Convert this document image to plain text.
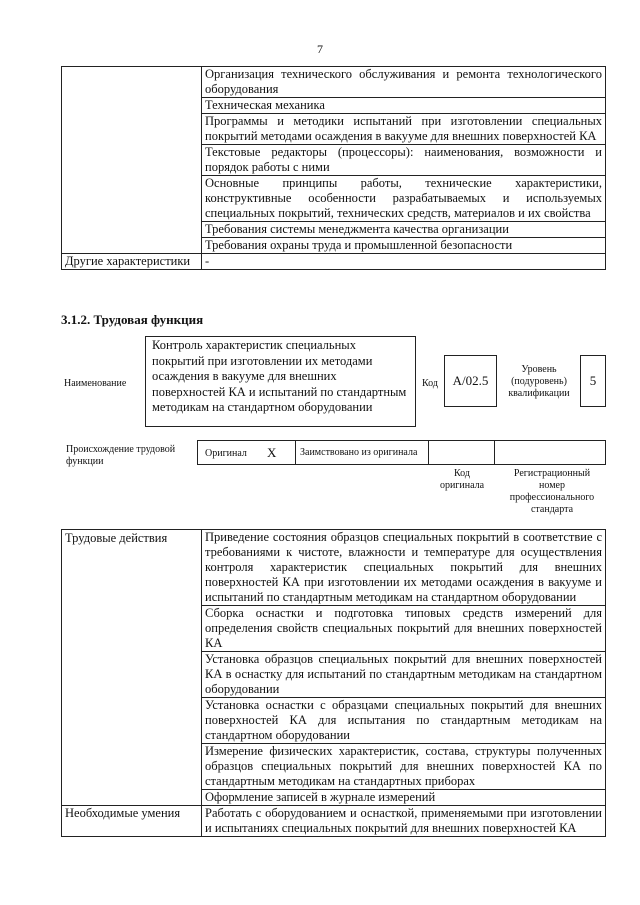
7
	Организация технического обслуживания и ремонта технологического оборудования
	Техническая механика
	Программы и методики испытаний при изготовлении специальных покрытий методами осаждения в вакууме для внешних поверхностей КА
	Текстовые редакторы (процессоры): наименования, возможности и порядок работы с ними
	Основные принципы работы, технические характеристики, конструктивные особенности разрабатываемых и используемых специальных покрытий, технических средств, материалов и их свойства
	Требования системы менеджмента качества организации
	Требования охраны труда и промышленной безопасности
Другие характеристики	-
3.1.2. Трудовая функция
Наименование
Контроль характеристик специальных покрытий при изготовлении их методами осаждения в вакууме для внешних поверхностей КА и испытаний по стандартным методикам на стандартном оборудовании
Код	A/02.5
Уровень (подуровень) квалификации
5
Происхождение трудовой функции
Оригинал X	Заимствовано из оригинала
Код оригинала
Регистрационный номер профессионального стандарта
Трудовые действия	Приведение состояния образцов специальных покрытий в соответствие с требованиями к чистоте, влажности и температуре для осуществления контроля характеристик специальных покрытий для внешних поверхностей КА при изготовлении их методами осаждения в вакууме и испытаний по стандартным методикам на стандартном оборудовании
	Сборка оснастки и подготовка типовых средств измерений для определения свойств специальных покрытий для внешних поверхностей КА
	Установка образцов специальных покрытий для внешних поверхностей КА в оснастку для испытаний по стандартным методикам на стандартном оборудовании
	Установка оснастки с образцами специальных покрытий для внешних поверхностей КА для испытания по стандартным методикам на стандартном оборудовании
	Измерение физических характеристик, состава, структуры полученных образцов специальных покрытий для внешних поверхностей КА по стандартным методикам на стандартных приборах
	Оформление записей в журнале измерений
Необходимые умения	Работать с оборудованием и оснасткой, применяемыми при изготовлении и испытаниях специальных покрытий для внешних поверхностей КА
